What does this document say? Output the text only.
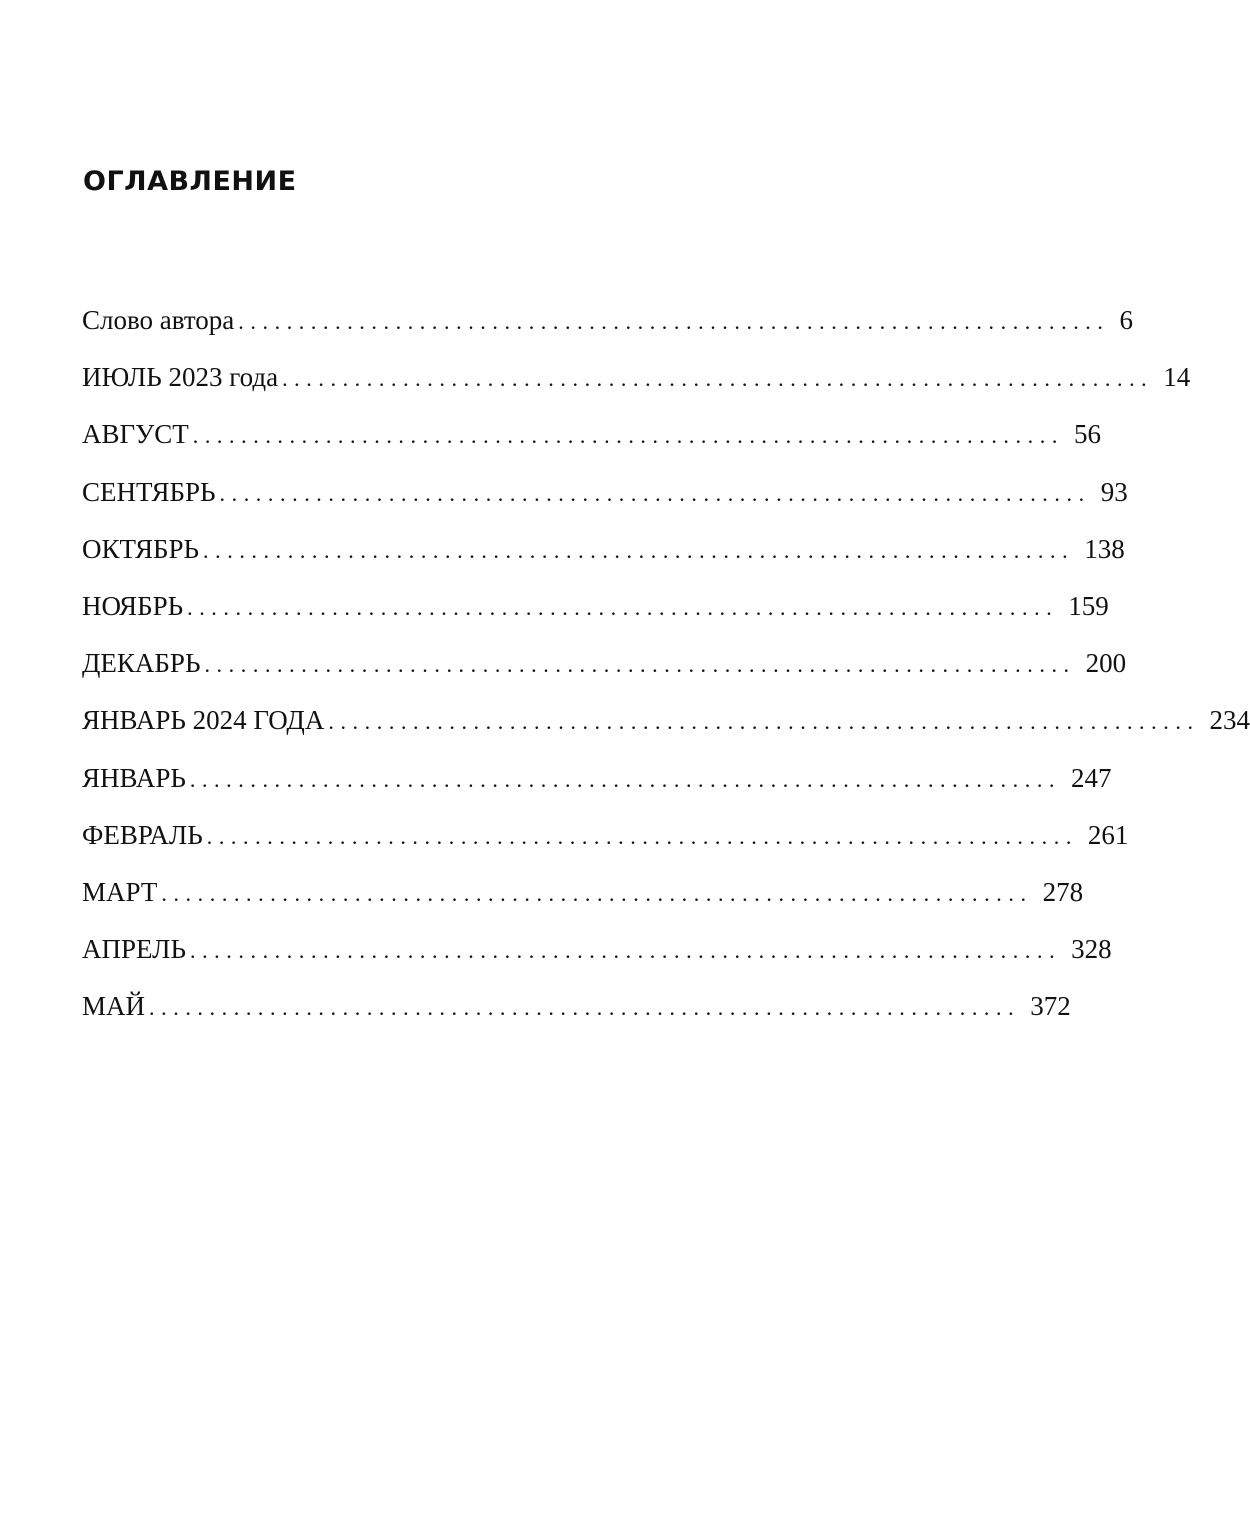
ОГЛАВЛЕНИЕ
Слово автора ........................................................................ 6
ИЮЛЬ 2023 года ........................................................................ 14
АВГУСТ ........................................................................ 56
СЕНТЯБРЬ ........................................................................ 93
ОКТЯБРЬ ........................................................................ 138
НОЯБРЬ ........................................................................ 159
ДЕКАБРЬ ........................................................................ 200
ЯНВАРЬ 2024 ГОДА ........................................................................ 234
ЯНВАРЬ ........................................................................ 247
ФЕВРАЛЬ ........................................................................ 261
МАРТ ........................................................................ 278
АПРЕЛЬ ........................................................................ 328
МАЙ ........................................................................ 372
